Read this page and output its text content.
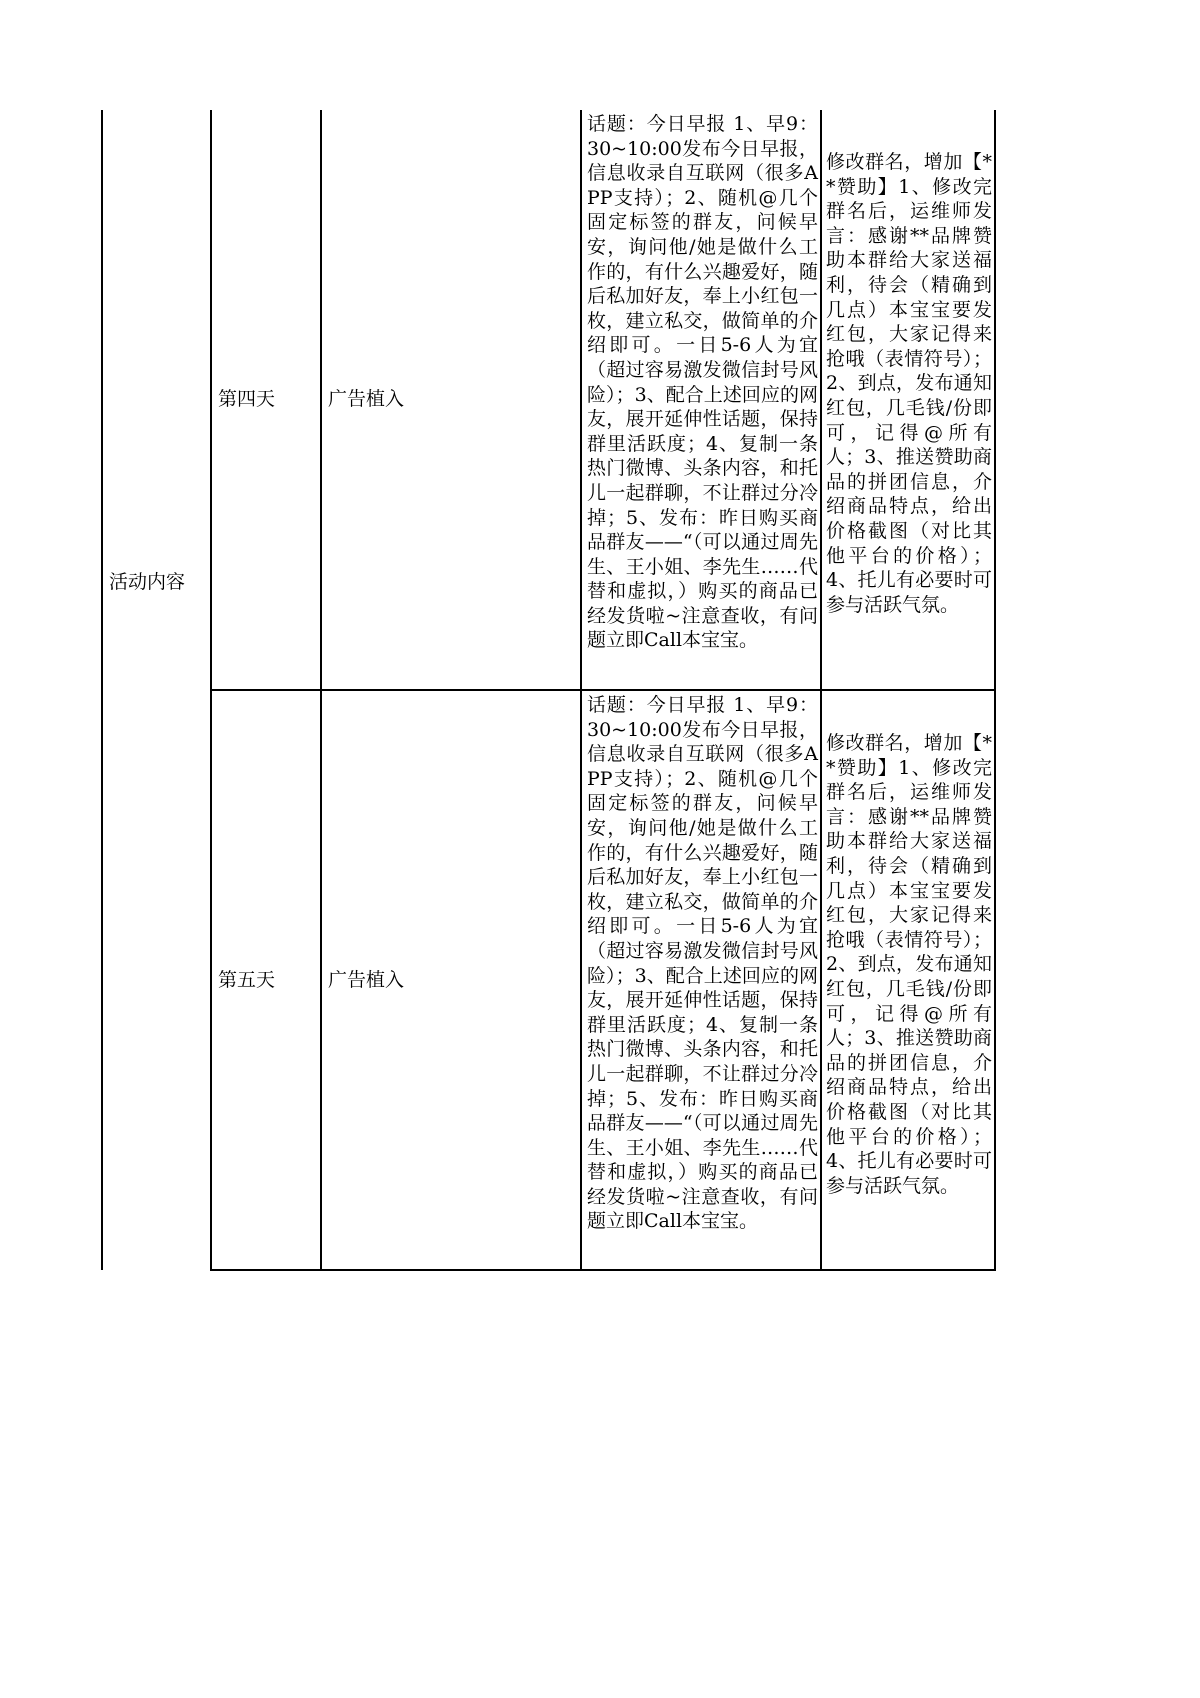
活动内容
第四天	广告植入	话题：今日早报 1、早9：30~10:00发布今日早报，信息收录自互联网（很多APP支持）；2、随机@几个固定标签的群友，问候早安，询问他/她是做什么工作的，有什么兴趣爱好，随后私加好友，奉上小红包一枚，建立私交，做简单的介绍即可。一日5-6人为宜（超过容易激发微信封号风险）；3、配合上述回应的网友，展开延伸性话题，保持群里活跃度；4、复制一条热门微博、头条内容，和托儿一起群聊，不让群过分冷掉；5、发布：昨日购买商品群友——“（可以通过周先生、王小姐、李先生……代替和虚拟，）购买的商品已经发货啦~注意查收，有问题立即Call本宝宝。	修改群名，增加【**赞助】1、修改完群名后，运维师发言：感谢**品牌赞助本群给大家送福利，待会（精确到几点）本宝宝要发红包，大家记得来抢哦（表情符号）；2、到点，发布通知红包，几毛钱/份即可，记得@所有人；3、推送赞助商品的拼团信息，介绍商品特点，给出价格截图（对比其他平台的价格）；4、托儿有必要时可参与活跃气氛。

第五天	广告植入	话题：今日早报 1、早9：30~10:00发布今日早报，信息收录自互联网（很多APP支持）；2、随机@几个固定标签的群友，问候早安，询问他/她是做什么工作的，有什么兴趣爱好，随后私加好友，奉上小红包一枚，建立私交，做简单的介绍即可。一日5-6人为宜（超过容易激发微信封号风险）；3、配合上述回应的网友，展开延伸性话题，保持群里活跃度；4、复制一条热门微博、头条内容，和托儿一起群聊，不让群过分冷掉；5、发布：昨日购买商品群友——“（可以通过周先生、王小姐、李先生……代替和虚拟，）购买的商品已经发货啦~注意查收，有问题立即Call本宝宝。	修改群名，增加【**赞助】1、修改完群名后，运维师发言：感谢**品牌赞助本群给大家送福利，待会（精确到几点）本宝宝要发红包，大家记得来抢哦（表情符号）；2、到点，发布通知红包，几毛钱/份即可，记得@所有人；3、推送赞助商品的拼团信息，介绍商品特点，给出价格截图（对比其他平台的价格）；4、托儿有必要时可参与活跃气氛。
